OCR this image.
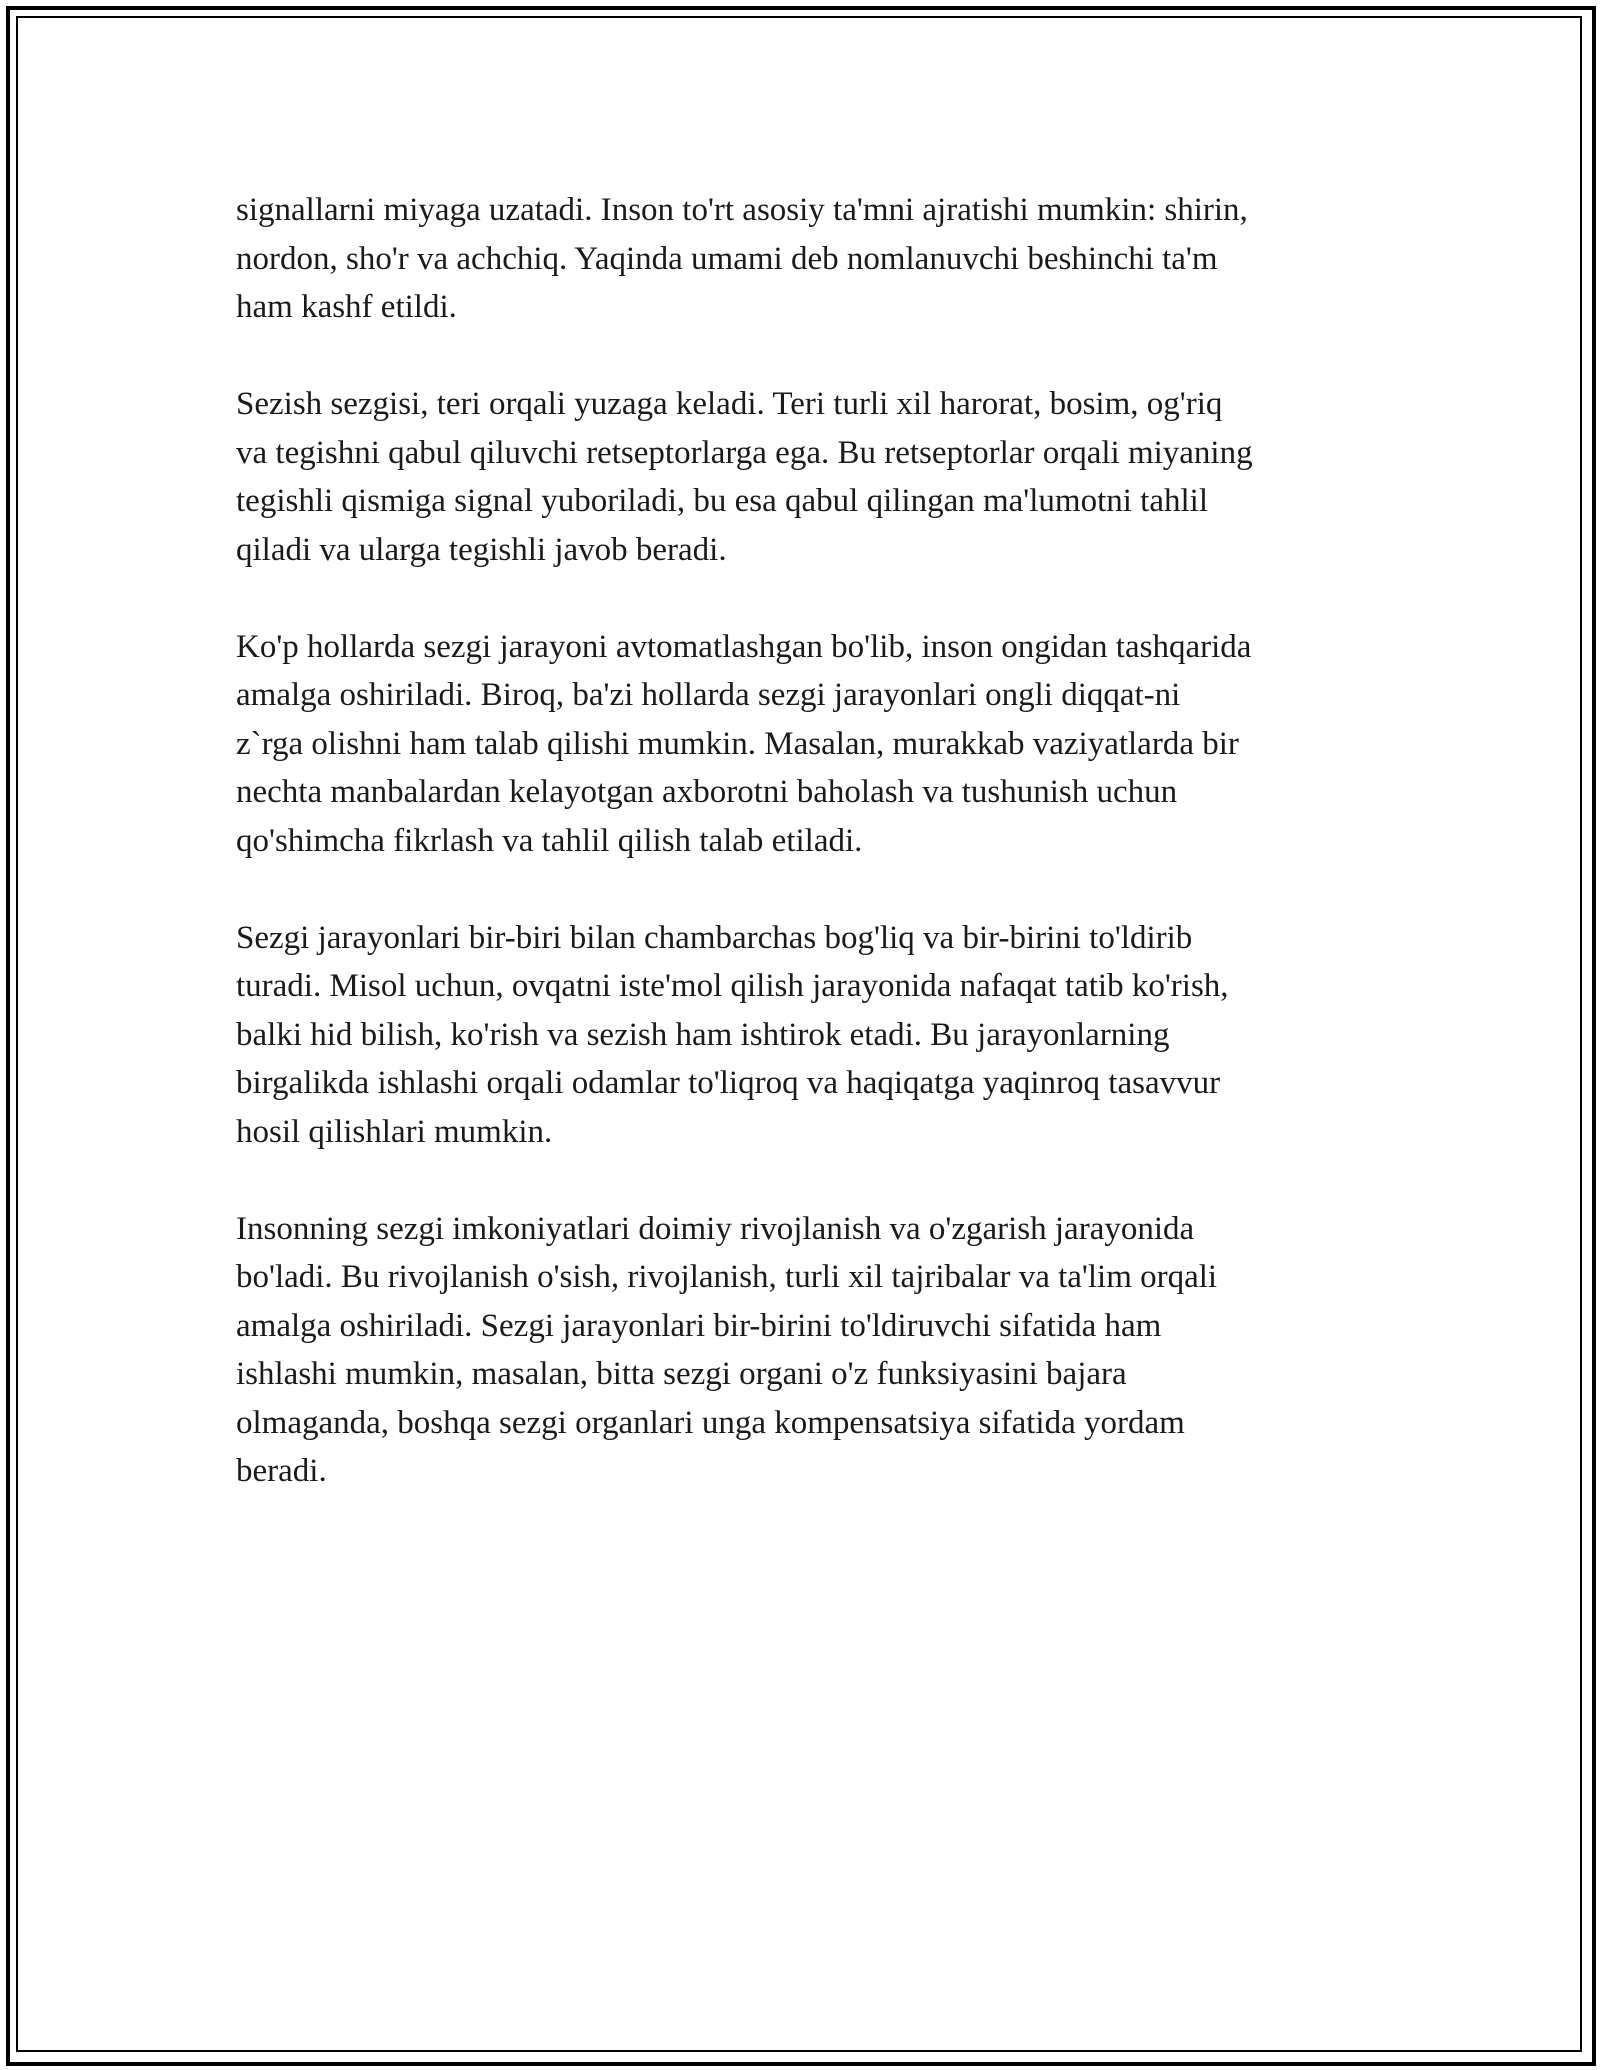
signallarni miyaga uzatadi. Inson to'rt asosiy ta'mni ajratishi mumkin: shirin,
nordon, sho'r va achchiq. Yaqinda umami deb nomlanuvchi beshinchi ta'm
ham kashf etildi.

Sezish sezgisi, teri orqali yuzaga keladi. Teri turli xil harorat, bosim, og'riq
va tegishni qabul qiluvchi retseptorlarga ega. Bu retseptorlar orqali miyaning
tegishli qismiga signal yuboriladi, bu esa qabul qilingan ma'lumotni tahlil
qiladi va ularga tegishli javob beradi.

Ko'p hollarda sezgi jarayoni avtomatlashgan bo'lib, inson ongidan tashqarida
amalga oshiriladi. Biroq, ba'zi hollarda sezgi jarayonlari ongli diqqat-ni
z`rga olishni ham talab qilishi mumkin. Masalan, murakkab vaziyatlarda bir
nechta manbalardan kelayotgan axborotni baholash va tushunish uchun
qo'shimcha fikrlash va tahlil qilish talab etiladi.

Sezgi jarayonlari bir-biri bilan chambarchas bog'liq va bir-birini to'ldirib
turadi. Misol uchun, ovqatni iste'mol qilish jarayonida nafaqat tatib ko'rish,
balki hid bilish, ko'rish va sezish ham ishtirok etadi. Bu jarayonlarning
birgalikda ishlashi orqali odamlar to'liqroq va haqiqatga yaqinroq tasavvur
hosil qilishlari mumkin.

Insonning sezgi imkoniyatlari doimiy rivojlanish va o'zgarish jarayonida
bo'ladi. Bu rivojlanish o'sish, rivojlanish, turli xil tajribalar va ta'lim orqali
amalga oshiriladi. Sezgi jarayonlari bir-birini to'ldiruvchi sifatida ham
ishlashi mumkin, masalan, bitta sezgi organi o'z funksiyasini bajara
olmaganda, boshqa sezgi organlari unga kompensatsiya sifatida yordam
beradi.
